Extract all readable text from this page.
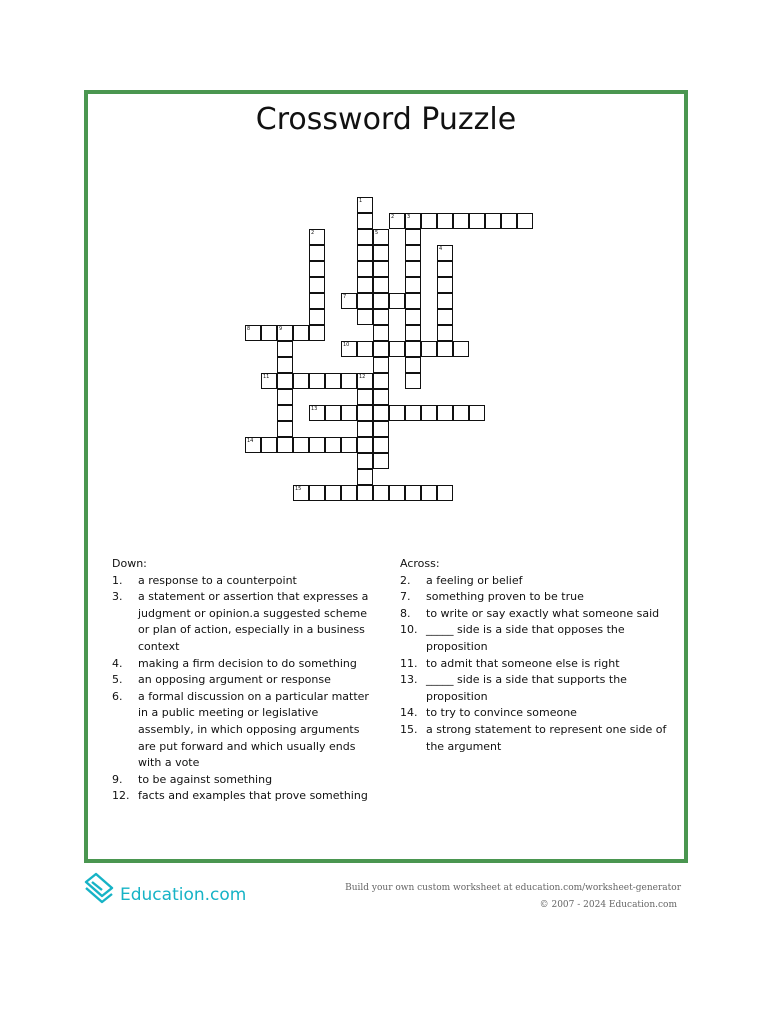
Crossword Puzzle
1
2	3
2	5
4
7
8	9
10
11	12
13
14
15
Down:
1.	a response to a counterpoint
3.	a statement or assertion that expresses a judgment or opinion.a suggested scheme or plan of action, especially in a business context
4.	making a firm decision to do something
5.	an opposing argument or response
6.	a formal discussion on a particular matter in a public meeting or legislative assembly, in which opposing arguments are put forward and which usually ends with a vote
9.	to be against something
12. facts and examples that prove something
Across:
2.	a feeling or belief
7.	something proven to be true
8.	to write or say exactly what someone said
10. _____ side is a side that opposes the proposition
11. to admit that someone else is right
13. _____ side is a side that supports the proposition
14. to try to convince someone
15. a strong statement to represent one side of the argument
Education.com	Build your own custom worksheet at education.com/worksheet-generator
© 2007 - 2024 Education.com
